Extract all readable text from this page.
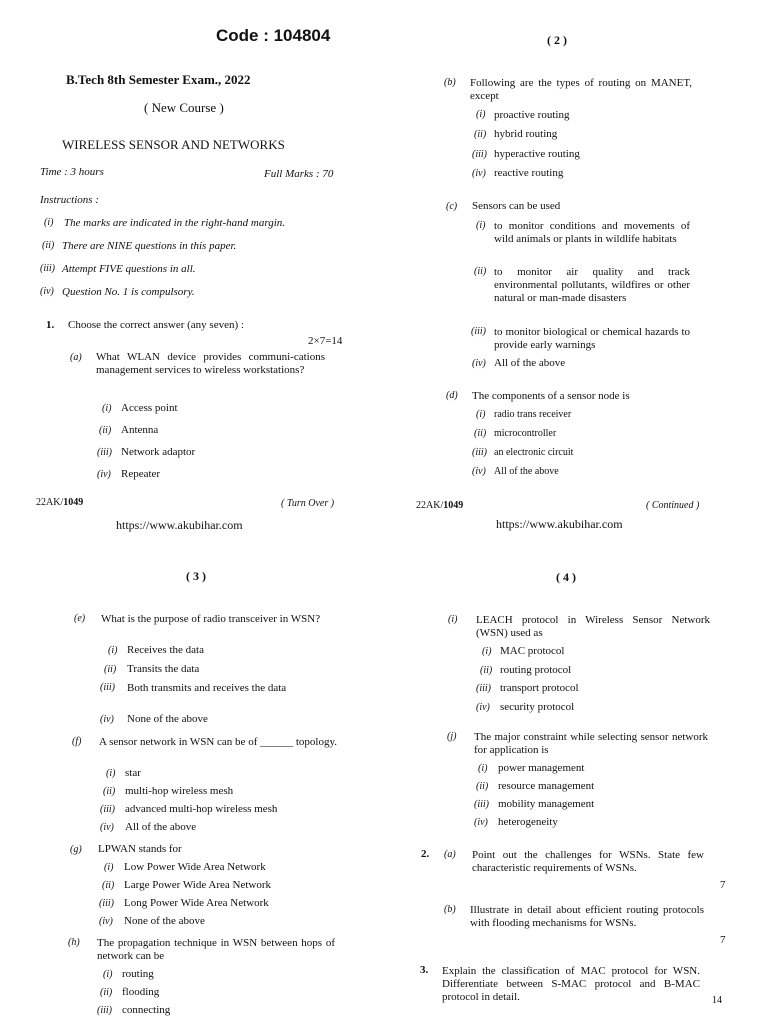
Code : 104804
B.Tech 8th Semester Exam., 2022
( New Course )
WIRELESS SENSOR AND NETWORKS
Time : 3 hours	Full Marks : 70
Instructions :
(i) The marks are indicated in the right-hand margin.
(ii) There are NINE questions in this paper.
(iii) Attempt FIVE questions in all.
(iv) Question No. 1 is compulsory.
1. Choose the correct answer (any seven) :
2×7=14
(a) What WLAN device provides communi-cations management services to wireless workstations?
(i) Access point
(ii) Antenna
(iii) Network adaptor
(iv) Repeater
22AK/1049	( Turn Over )
https://www.akubihar.com
( 2 )
(b) Following are the types of routing on MANET, except
(i) proactive routing
(ii) hybrid routing
(iii) hyperactive routing
(iv) reactive routing
(c) Sensors can be used
(i) to monitor conditions and movements of wild animals or plants in wildlife habitats
(ii) to monitor air quality and track environmental pollutants, wildfires or other natural or man-made disasters
(iii) to monitor biological or chemical hazards to provide early warnings
(iv) All of the above
(d) The components of a sensor node is
(i) radio trans receiver
(ii) microcontroller
(iii) an electronic circuit
(iv) All of the above
22AK/1049	( Continued )
https://www.akubihar.com
( 3 )
(e) What is the purpose of radio transceiver in WSN?
(i) Receives the data
(ii) Transits the data
(iii) Both transmits and receives the data
(iv) None of the above
(f) A sensor network in WSN can be of ______ topology.
(i) star
(ii) multi-hop wireless mesh
(iii) advanced multi-hop wireless mesh
(iv) All of the above
(g) LPWAN stands for
(i) Low Power Wide Area Network
(ii) Large Power Wide Area Network
(iii) Long Power Wide Area Network
(iv) None of the above
(h) The propagation technique in WSN between hops of network can be
(i) routing
(ii) flooding
(iii) connecting
( 4 )
(i) LEACH protocol in Wireless Sensor Network (WSN) used as
(i) MAC protocol
(ii) routing protocol
(iii) transport protocol
(iv) security protocol
(j) The major constraint while selecting sensor network for application is
(i) power management
(ii) resource management
(iii) mobility management
(iv) heterogeneity
2. (a) Point out the challenges for WSNs. State few characteristic requirements of WSNs.
7
(b) Illustrate in detail about efficient routing protocols with flooding mechanisms for WSNs.
7
3. Explain the classification of MAC protocol for WSN. Differentiate between S-MAC protocol and B-MAC protocol in detail.	14
